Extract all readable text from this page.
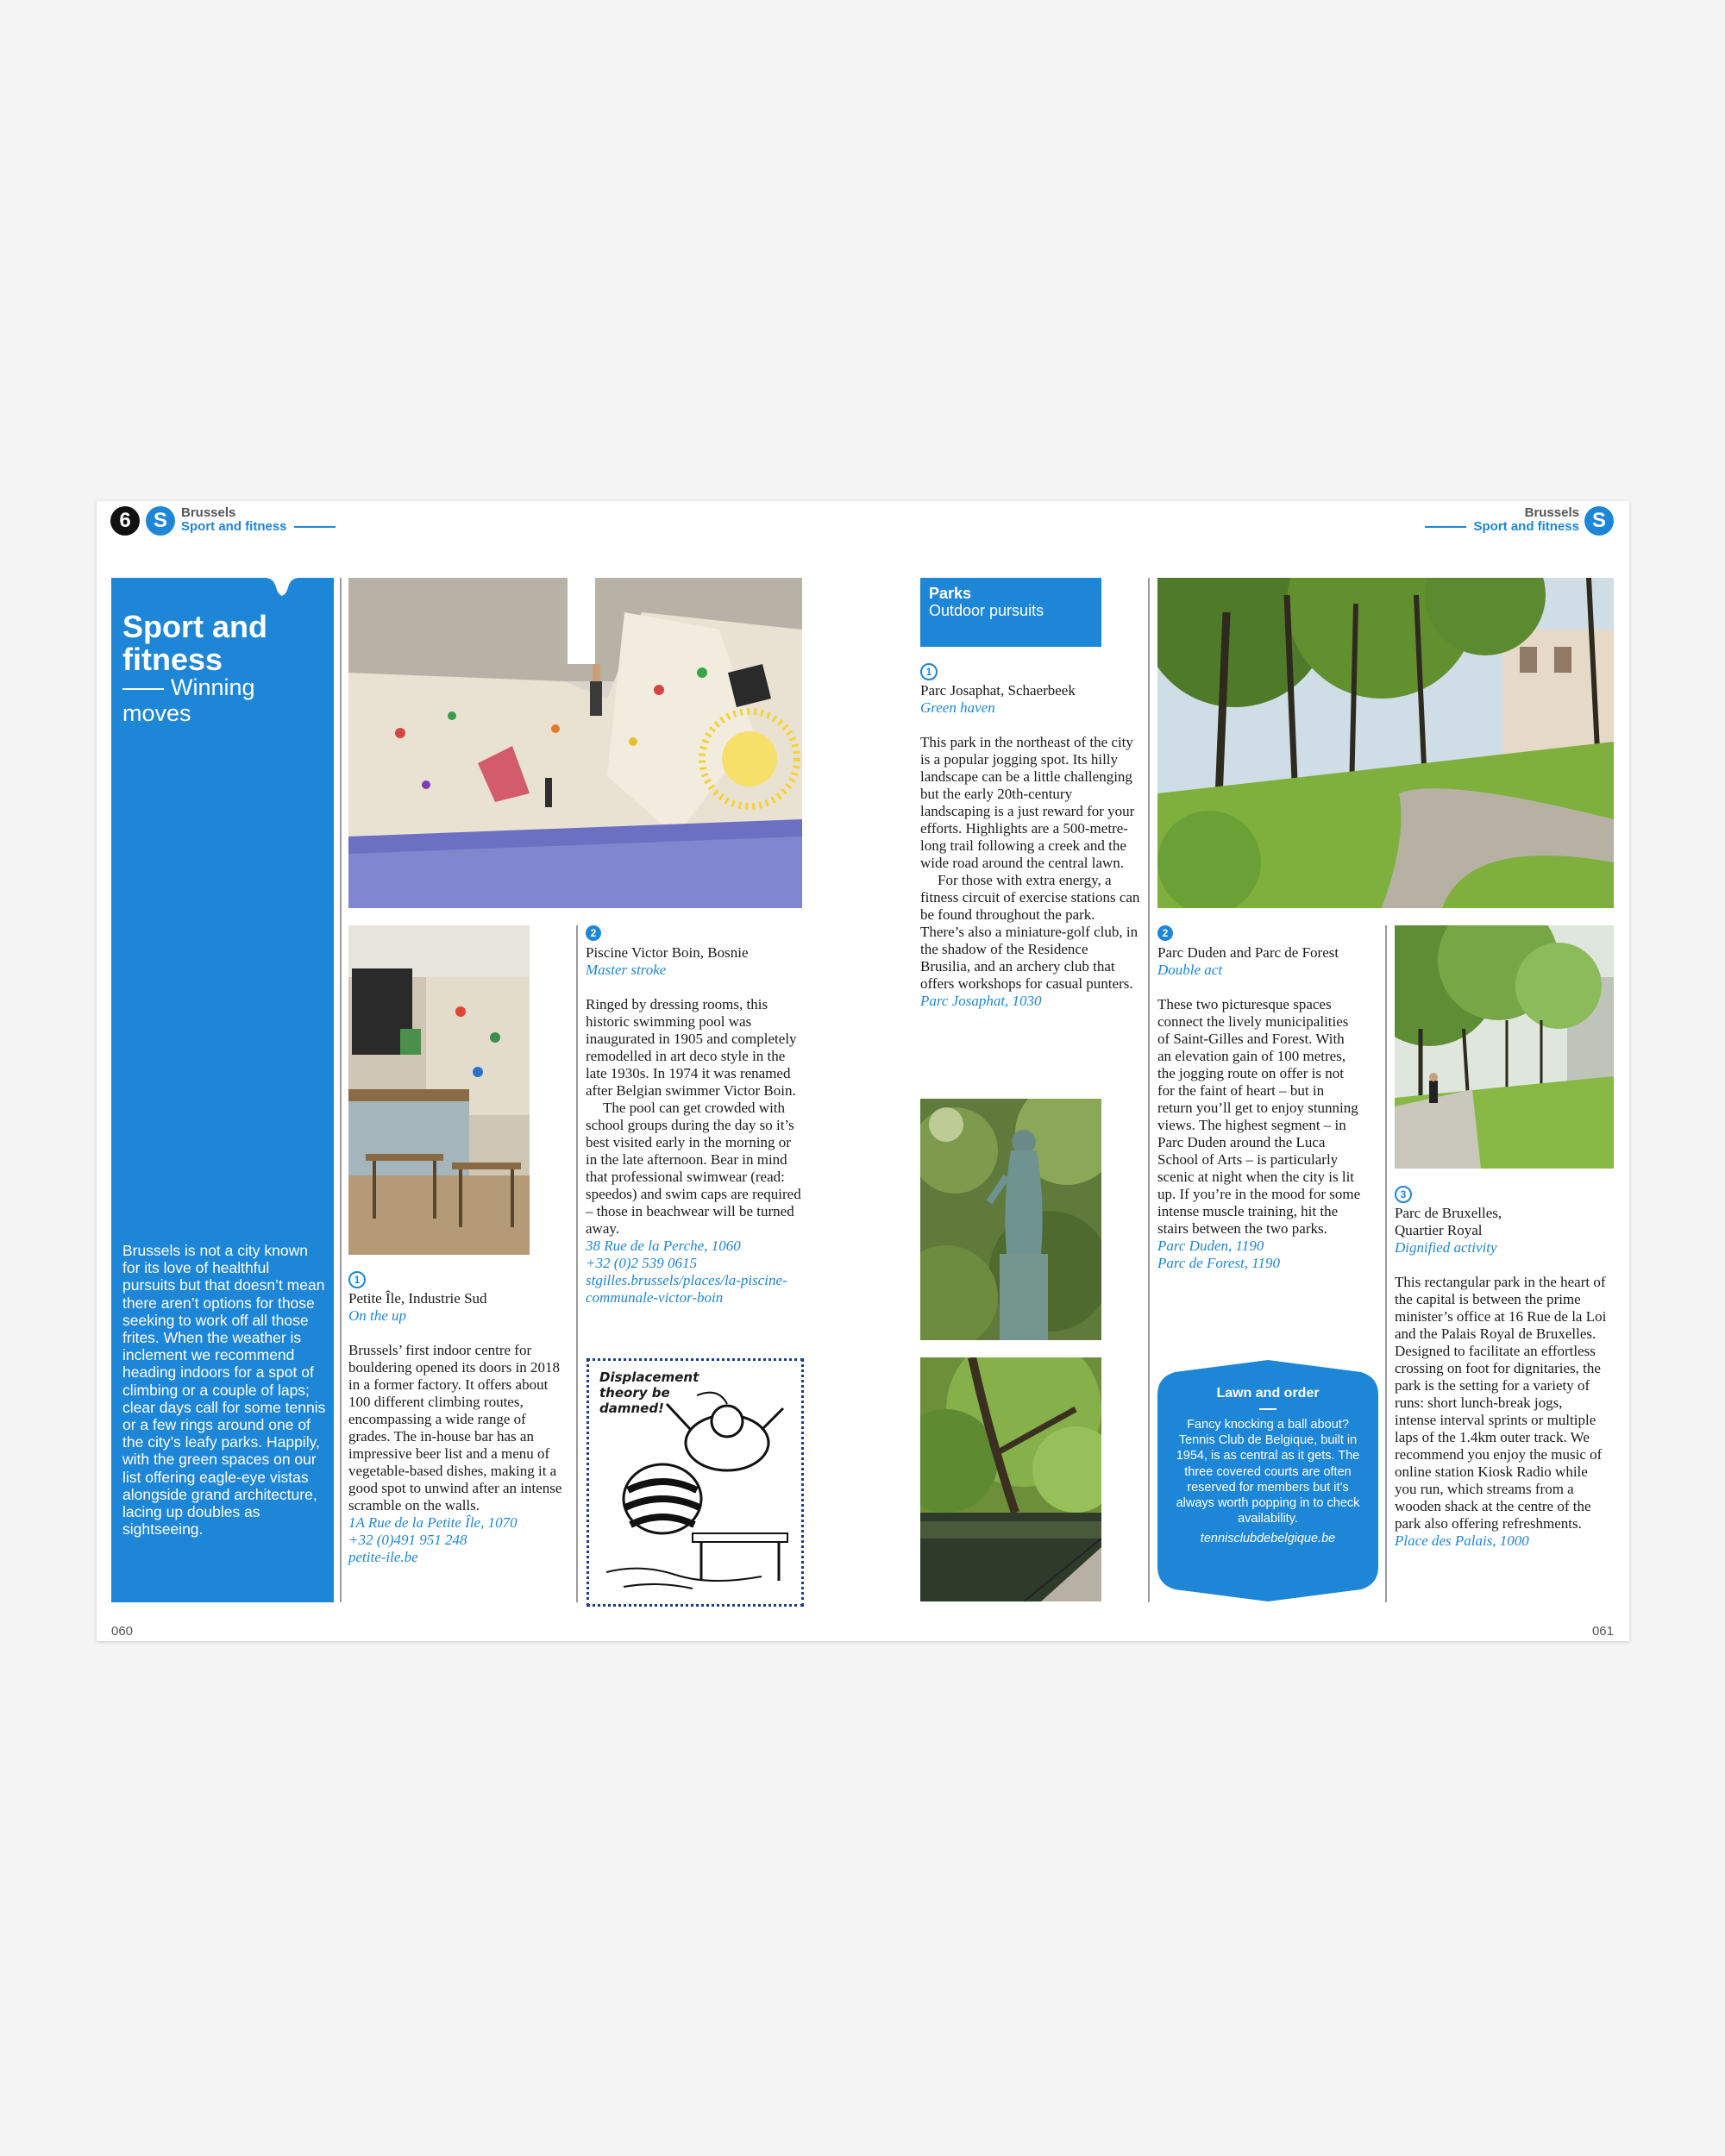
6	S	Brussels
Sport and fitness
Brussels
Sport and fitness S
Sport and fitness
Winning moves
Brussels is not a city known for its love of healthful pursuits but that doesn’t mean there aren’t options for those seeking to work off all those frites. When the weather is inclement we recommend heading indoors for a spot of climbing or a couple of laps; clear days call for some tennis or a few rings around one of the city’s leafy parks. Happily, with the green spaces on our list offering eagle-eye vistas alongside grand architecture, lacing up doubles as sightseeing.
1
Petite Île, Industrie Sud
On the up
Brussels’ first indoor centre for bouldering opened its doors in 2018 in a former factory. It offers about 100 different climbing routes, encompassing a wide range of grades. The in-house bar has an impressive beer list and a menu of vegetable-based dishes, making it a good spot to unwind after an intense scramble on the walls.
1A Rue de la Petite Île, 1070
+32 (0)491 951 248
petite-ile.be
2
Piscine Victor Boin, Bosnie
Master stroke

Ringed by dressing rooms, this historic swimming pool was inaugurated in 1905 and completely remodelled in art deco style in the late 1930s. In 1974 it was renamed after Belgian swimmer Victor Boin.

The pool can get crowded with school groups during the day so it’s best visited early in the morning or in the late afternoon. Bear in mind that professional swimwear (read: speedos) and swim caps are required – those in beachwear will be turned away.

38 Rue de la Perche, 1060
+32 (0)2 539 0615
stgilles.brussels/places/la-piscine-communale-victor-boin
Displacement theory be damned!
060
Parks
Outdoor pursuits
1
Parc Josaphat, Schaerbeek
Green haven

This park in the northeast of the city is a popular jogging spot. Its hilly landscape can be a little challenging but the early 20th-century landscaping is a just reward for your efforts. Highlights are a 500-metre-long trail following a creek and the wide road around the central lawn.

For those with extra energy, a fitness circuit of exercise stations can be found throughout the park. There’s also a miniature-golf club, in the shadow of the Residence Brusilia, and an archery club that offers workshops for casual punters.

Parc Josaphat, 1030
2
Parc Duden and Parc de Forest
Double act
These two picturesque spaces connect the lively municipalities of Saint-Gilles and Forest. With an elevation gain of 100 metres, the jogging route on offer is not for the faint of heart – but in return you’ll get to enjoy stunning views. The highest segment – in Parc Duden around the Luca School of Arts – is particularly scenic at night when the city is lit up. If you’re in the mood for some intense muscle training, hit the stairs between the two parks.
Parc Duden, 1190
Parc de Forest, 1190
Lawn and order
Fancy knocking a ball about? Tennis Club de Belgique, built in 1954, is as central as it gets. The three covered courts are often reserved for members but it’s always worth popping in to check availability.
tennisclubdebelgique.be
3
Parc de Bruxelles, Quartier Royal
Dignified activity
This rectangular park in the heart of the capital is between the prime minister’s office at 16 Rue de la Loi and the Palais Royal de Bruxelles. Designed to facilitate an effortless crossing on foot for dignitaries, the park is the setting for a variety of runs: short lunch-break jogs, intense interval sprints or multiple laps of the 1.4km outer track. We recommend you enjoy the music of online station Kiosk Radio while you run, which streams from a wooden shack at the centre of the park also offering refreshments.
Place des Palais, 1000
061
